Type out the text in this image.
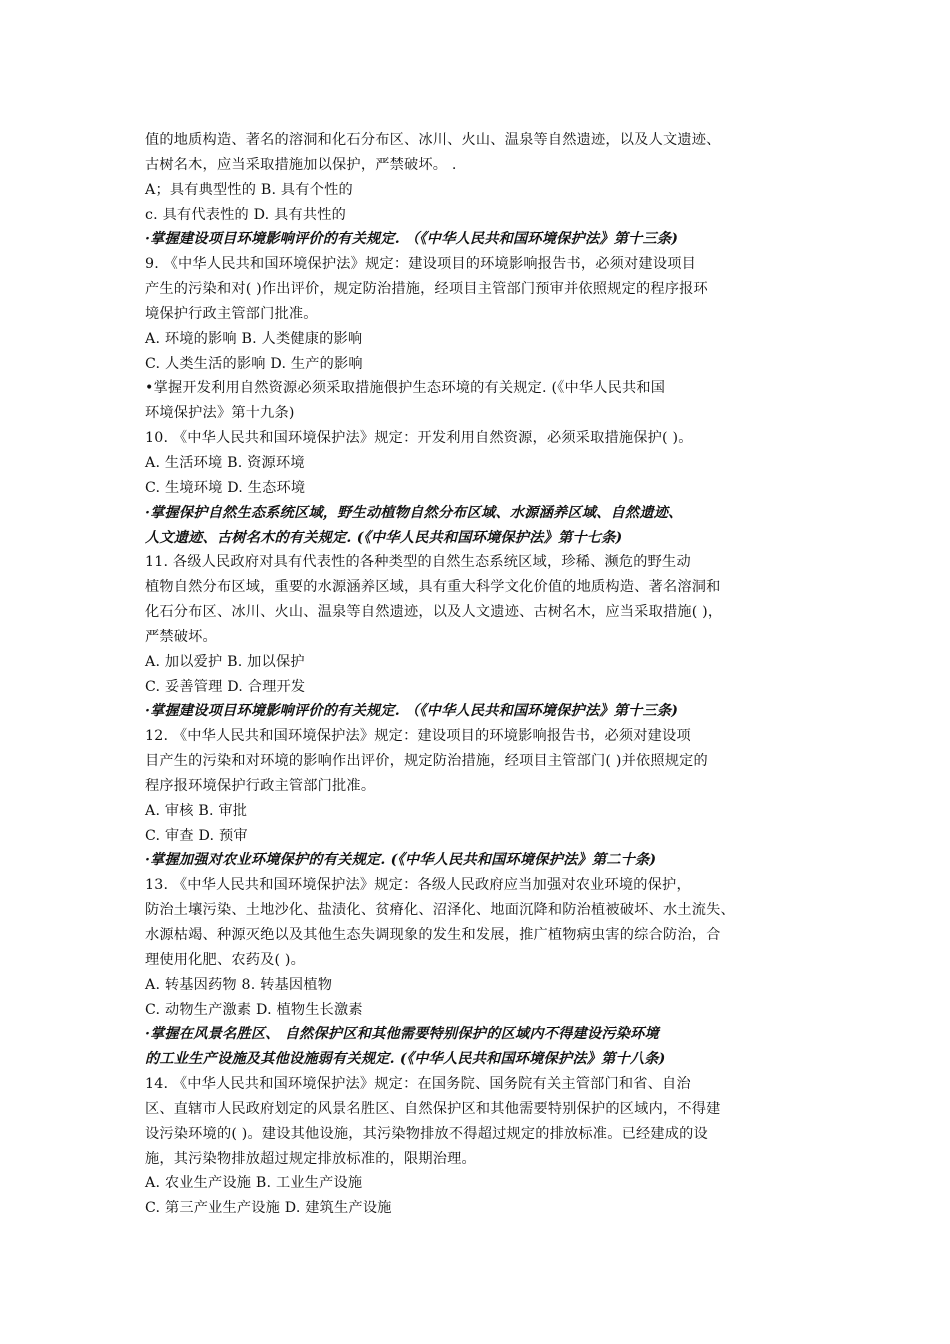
值的地质构造、著名的溶洞和化石分布区、冰川、火山、温泉等自然遗迹，以及人文遗迹、
古树名木，应当采取措施加以保护，严禁破坏。 .
A；具有典型性的 B. 具有个性的
c. 具有代表性的 D. 具有共性的
·掌握建设项目环境影响评价的有关规定. （《中华人民共和国环境保护法》第十三条)
9. 《中华人民共和国环境保护法》规定：建设项目的环境影响报告书，必须对建设项目
产生的污染和对( )作出评价，规定防治措施，经项目主管部门预审并依照规定的程序报环
境保护行政主管部门批准。
A. 环境的影响 B. 人类健康的影响
C. 人类生活的影响 D. 生产的影响
•掌握开发利用自然资源必须采取措施偎护生态环境的有关规定. (《中华人民共和国
环境保护法》第十九条)
10. 《中华人民共和国环境保护法》规定：开发利用自然资源，必须采取措施保护( )。
A. 生活环境 B. 资源环境
C. 生境环境 D. 生态环境
·掌握保护自然生态系统区域，野生动植物自然分布区域、水源涵养区域、自然遗迹、
人文遗迹、古树名木的有关规定. (《中华人民共和国环境保护法》第十七条)
11. 各级人民政府对具有代表性的各种类型的自然生态系统区域，珍稀、濒危的野生动
植物自然分布区域，重要的水源涵养区域，具有重大科学文化价值的地质构造、著名溶洞和
化石分布区、冰川、火山、温泉等自然遗迹，以及人文遗迹、古树名木，应当采取措施( )，
严禁破坏。
A. 加以爱护 B. 加以保护
C. 妥善管理 D. 合理开发
·掌握建设项目环境影响评价的有关规定. （《中华人民共和国环境保护法》第十三条)
12. 《中华人民共和国环境保护法》规定：建设项目的环境影响报告书，必须对建设项
目产生的污染和对环境的影响作出评价，规定防治措施，经项目主管部门( )并依照规定的
程序报环境保护行政主管部门批准。
A. 审核 B. 审批
C. 审查 D. 预审
·掌握加强对农业环境保护的有关规定. (《中华人民共和国环境保护法》第二十条)
13. 《中华人民共和国环境保护法》规定：各级人民政府应当加强对农业环境的保护，
防治土壤污染、土地沙化、盐渍化、贫瘠化、沼泽化、地面沉降和防治植被破坏、水土流失、
水源枯竭、种源灭绝以及其他生态失调现象的发生和发展，推广植物病虫害的综合防治，合
理使用化肥、农药及( )。
A. 转基因药物 8. 转基因植物
C. 动物生产激素 D. 植物生长激素
·掌握在风景名胜区、 自然保护区和其他需要特别保护的区域内不得建设污染环境
的工业生产设施及其他设施弱有关规定. (《中华人民共和国环境保护法》第十八条)
14. 《中华人民共和国环境保护法》规定：在国务院、国务院有关主管部门和省、自治
区、直辖市人民政府划定的风景名胜区、自然保护区和其他需要特别保护的区域内，不得建
设污染环境的( )。建设其他设施，其污染物排放不得超过规定的排放标准。已经建成的设
施，其污染物排放超过规定排放标准的，限期治理。
A. 农业生产设施 B. 工业生产设施
C. 第三产业生产设施 D. 建筑生产设施
